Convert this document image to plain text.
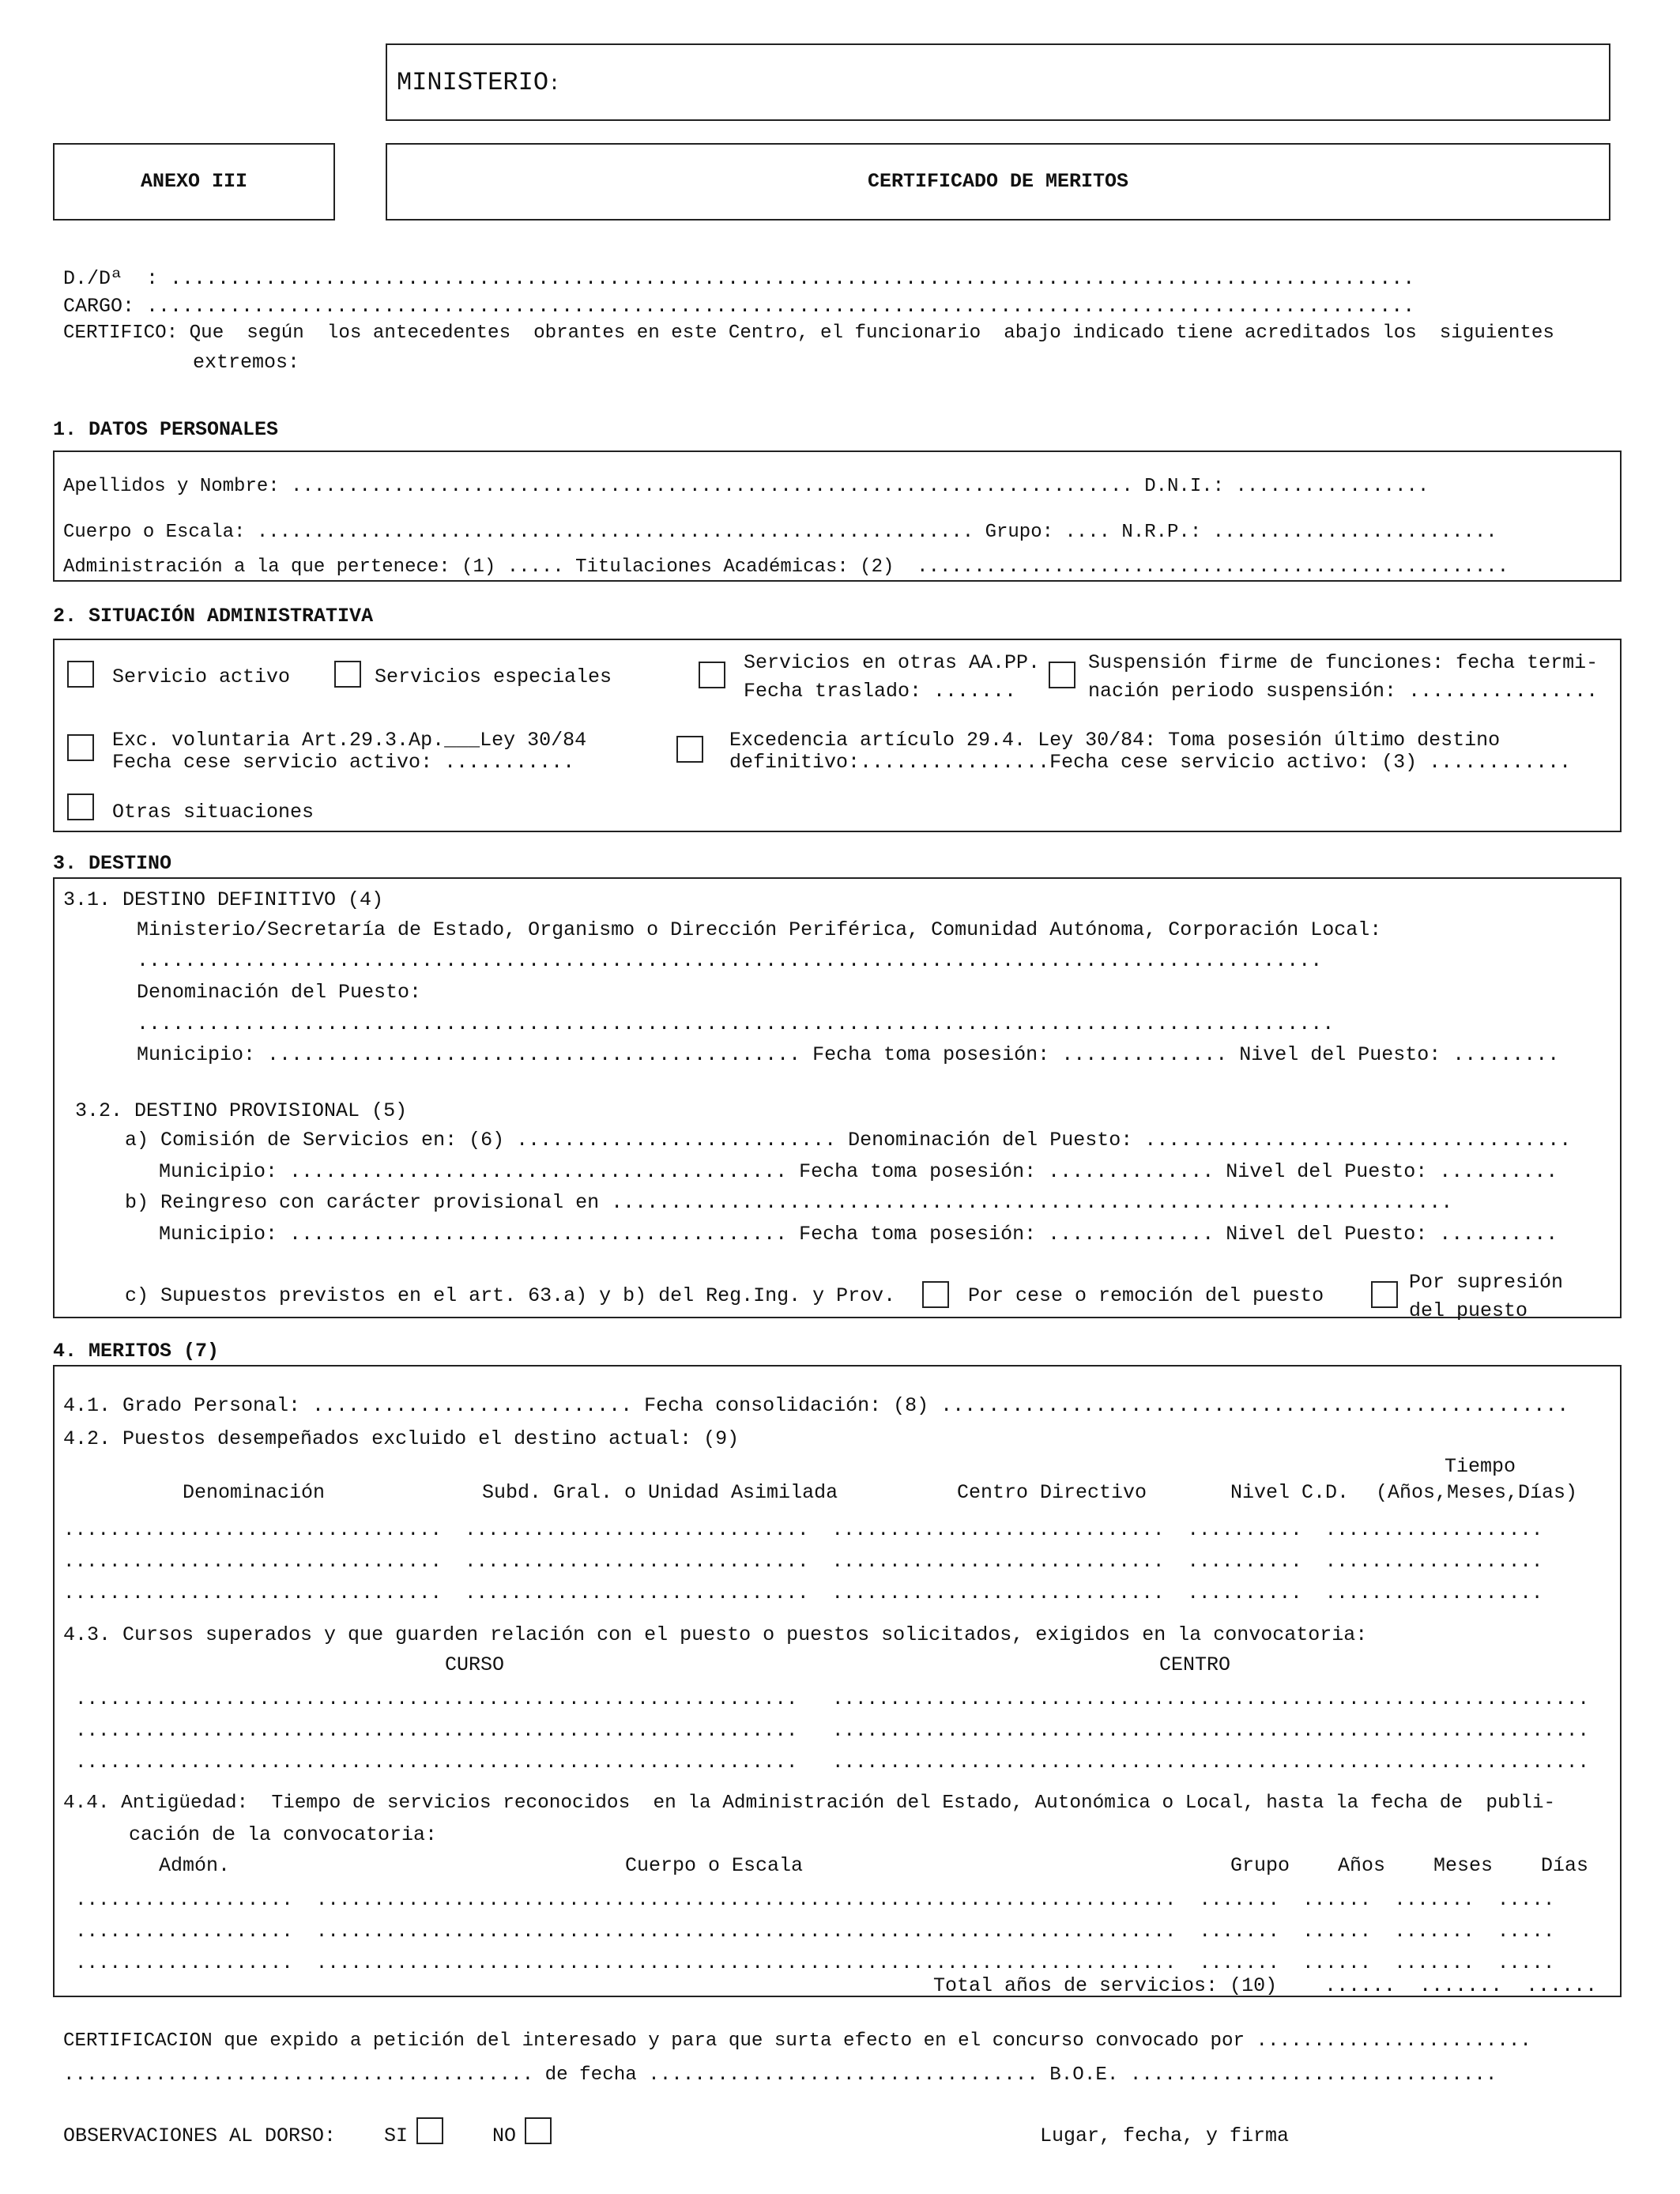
MINISTERIO:
ANEXO III	CERTIFICADO DE MERITOS
D./Dª  : .........................................................................................................
CARGO: ...........................................................................................................
CERTIFICO: Que  según  los antecedentes  obrantes en este Centro, el funcionario  abajo indicado tiene acreditados los  siguientes
extremos:
1. DATOS PERSONALES
Apellidos y Nombre: .......................................................................... D.N.I.: .................
Cuerpo o Escala: ............................................................... Grupo: .... N.R.P.: .........................
Administración a la que pertenece: (1) ..... Titulaciones Académicas: (2)  ....................................................
2. SITUACIÓN ADMINISTRATIVA
Servicio activo	Servicios especiales
Servicios en otras AA.PP.
Fecha traslado: .......
Suspensión firme de funciones: fecha termi-
nación periodo suspensión: ................
Exc. voluntaria Art.29.3.Ap.___Ley 30/84
Fecha cese servicio activo: ...........
Excedencia artículo 29.4. Ley 30/84: Toma posesión último destino
definitivo:................Fecha cese servicio activo: (3) ............
Otras situaciones
3. DESTINO
3.1. DESTINO DEFINITIVO (4)
Ministerio/Secretaría de Estado, Organismo o Dirección Periférica, Comunidad Autónoma, Corporación Local:
....................................................................................................
Denominación del Puesto:
.....................................................................................................
Municipio: ............................................. Fecha toma posesión: .............. Nivel del Puesto: .........
3.2. DESTINO PROVISIONAL (5)
a) Comisión de Servicios en: (6) ........................... Denominación del Puesto: ....................................
Municipio: .......................................... Fecha toma posesión: .............. Nivel del Puesto: ..........
b) Reingreso con carácter provisional en .......................................................................
Municipio: .......................................... Fecha toma posesión: .............. Nivel del Puesto: ..........
c) Supuestos previstos en el art. 63.a) y b) del Reg.Ing. y Prov.	Por cese o remoción del puesto
Por supresión
del puesto
4. MERITOS (7)
4.1. Grado Personal: ........................... Fecha consolidación: (8) .....................................................
4.2. Puestos desempeñados excluido el destino actual: (9)
Tiempo
Denominación	Subd. Gral. o Unidad Asimilada	Centro Directivo	Nivel C.D. (Años,Meses,Días)
.................................  ..............................  .............................  ..........  ...................
.................................  ..............................  .............................  ..........  ...................
.................................  ..............................  .............................  ..........  ...................
4.3. Cursos superados y que guarden relación con el puesto o puestos solicitados, exigidos en la convocatoria:
CURSO	CENTRO
...............................................................   ..................................................................
...............................................................   ..................................................................
...............................................................   ..................................................................
4.4. Antigüedad:  Tiempo de servicios reconocidos  en la Administración del Estado, Autonómica o Local, hasta la fecha de  publi-
cación de la convocatoria:
Admón.	Cuerpo o Escala	Grupo Años Meses Días
...................  ...........................................................................  .......  ......  .......  .....
...................  ...........................................................................  .......  ......  .......  .....
...................  ...........................................................................  .......  ......  .......  .....
Total años de servicios: (10)    ......  .......  ......
CERTIFICACION que expido a petición del interesado y para que surta efecto en el concurso convocado por ........................
......................................... de fecha .................................. B.O.E. ................................
OBSERVACIONES AL DORSO: SI	NO	Lugar, fecha, y firma
